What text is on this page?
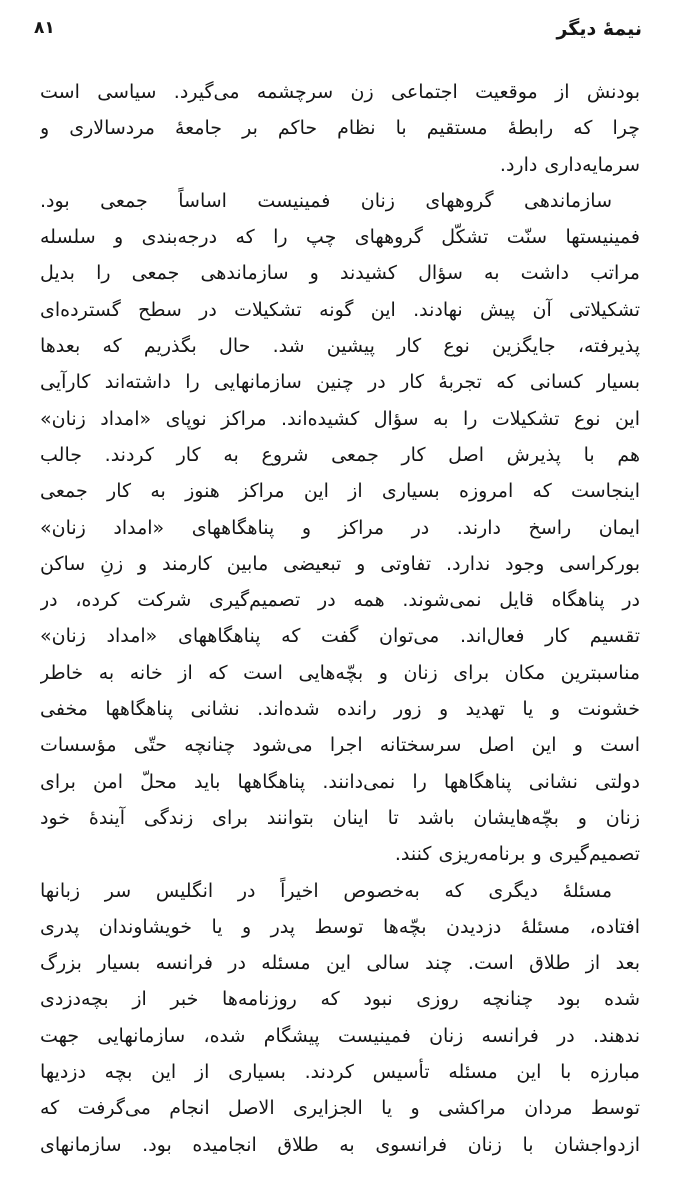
٨١	نیمهٔ دیگر
بودنش از موقعیت اجتماعی زن سرچشمه می‌گیرد. سیاسی است
چرا که رابطهٔ مستقیم با نظام حاکم بر جامعهٔ مردسالاری و
سرمایه‌داری دارد.
سازماندهی گروههای زنان فمینیست اساساً جمعی بود.
فمینیستها سنّت تشکّل گروههای چپ را که درجه‌بندی و سلسله
مراتب داشت به سؤال کشیدند و سازماندهی جمعی را بدیل
تشکیلاتی آن پیش نهادند. این گونه تشکیلات در سطح گسترده‌ای
پذیرفته، جایگزین نوع کار پیشین شد. حال بگذریم که بعدها
بسیار کسانی که تجربهٔ کار در چنین سازمانهایی را داشته‌اند کارآیی
این نوع تشکیلات را به سؤال کشیده‌اند. مراکز نوپای «امداد زنان»
هم با پذیرش اصل کار جمعی شروع به کار کردند. جالب
اینجاست که امروزه بسیاری از این مراکز هنوز به کار جمعی
ایمان راسخ دارند. در مراکز و پناهگاههای «امداد زنان»
بورکراسی وجود ندارد. تفاوتی و تبعیضی مابین کارمند و زنِ ساکن
در پناهگاه قایل نمی‌شوند. همه در تصمیم‌گیری شرکت کرده، در
تقسیم کار فعال‌اند. می‌توان گفت که پناهگاههای «امداد زنان»
مناسبترین مکان برای زنان و بچّه‌هایی است که از خانه به خاطر
خشونت و یا تهدید و زور رانده شده‌اند. نشانی پناهگاهها مخفی
است و این اصل سرسختانه اجرا می‌شود چنانچه حتّی مؤسسات
دولتی نشانی پناهگاهها را نمی‌دانند. پناهگاهها باید محلّ امن برای
زنان و بچّه‌هایشان باشد تا اینان بتوانند برای زندگی آیندهٔ خود
تصمیم‌گیری و برنامه‌ریزی کنند.
مسئلهٔ دیگری که به‌خصوص اخیراً در انگلیس سر زبانها
افتاده، مسئلهٔ دزدیدن بچّه‌ها توسط پدر و یا خویشاوندان پدری
بعد از طلاق است. چند سالی این مسئله در فرانسه بسیار بزرگ
شده بود چنانچه روزی نبود که روزنامه‌ها خبر از بچه‌دزدی
ندهند. در فرانسه زنان فمینیست پیشگام شده، سازمانهایی جهت
مبارزه با این مسئله تأسیس کردند. بسیاری از این بچه دزدیها
توسط مردان مراکشی و یا الجزایری الاصل انجام می‌گرفت که
ازدواجشان با زنان فرانسوی به طلاق انجامیده بود. سازمانهای
